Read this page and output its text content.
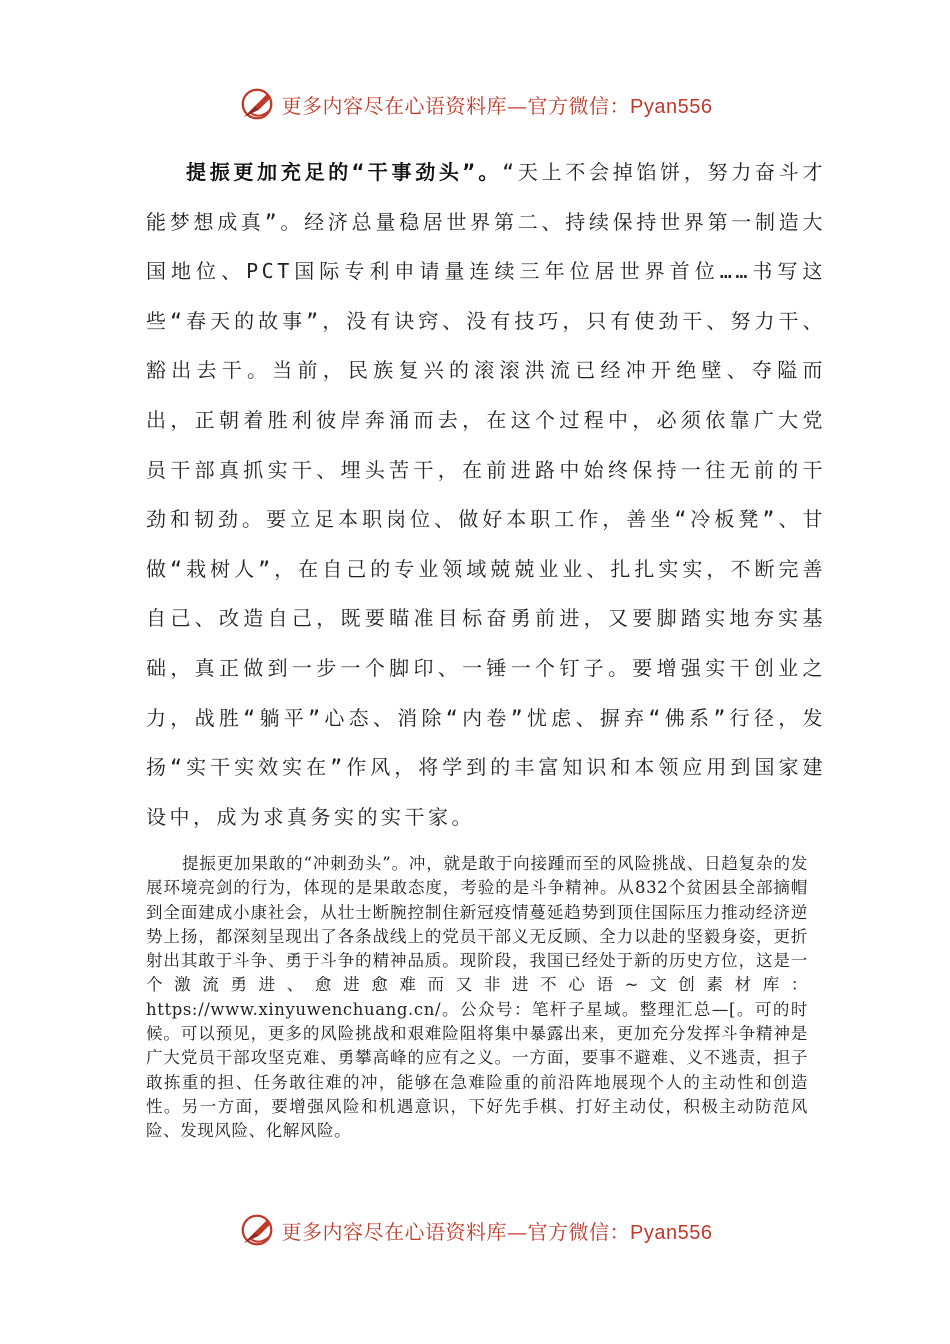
更多内容尽在心语资料库—官方微信：Pyan556

提振更加充足的“干事劲头”。“天上不会掉馅饼，努力奋斗才能梦想成真”。经济总量稳居世界第二、持续保持世界第一制造大国地位、PCT国际专利申请量连续三年位居世界首位……书写这些“春天的故事”，没有诀窍、没有技巧，只有使劲干、努力干、豁出去干。当前，民族复兴的滚滚洪流已经冲开绝壁、夺隘而出，正朝着胜利彼岸奔涌而去，在这个过程中，必须依靠广大党员干部真抓实干、埋头苦干，在前进路中始终保持一往无前的干劲和韧劲。要立足本职岗位、做好本职工作，善坐“冷板凳”、甘做“栽树人”，在自己的专业领域兢兢业业、扎扎实实，不断完善自己、改造自己，既要瞄准目标奋勇前进，又要脚踏实地夯实基础，真正做到一步一个脚印、一锤一个钉子。要增强实干创业之力，战胜“躺平”心态、消除“内卷”忧虑、摒弃“佛系”行径，发扬“实干实效实在”作风，将学到的丰富知识和本领应用到国家建设中，成为求真务实的实干家。

提振更加果敢的“冲刺劲头”。冲，就是敢于向接踵而至的风险挑战、日趋复杂的发展环境亮剑的行为，体现的是果敢态度，考验的是斗争精神。从832个贫困县全部摘帽到全面建成小康社会，从壮士断腕控制住新冠疫情蔓延趋势到顶住国际压力推动经济逆势上扬，都深刻呈现出了各条战线上的党员干部义无反顾、全力以赴的坚毅身姿，更折射出其敢于斗争、勇于斗争的精神品质。现阶段，我国已经处于新的历史方位，这是一个激流勇进、愈进愈难而又非进不心语~文创素材库：https://www.xinyuwenchuang.cn/。公众号：笔杆子星域。整理汇总—[。可的时候。可以预见，更多的风险挑战和艰难险阻将集中暴露出来，更加充分发挥斗争精神是广大党员干部攻坚克难、勇攀高峰的应有之义。一方面，要事不避难、义不逃责，担子敢拣重的担、任务敢往难的冲，能够在急难险重的前沿阵地展现个人的主动性和创造性。另一方面，要增强风险和机遇意识，下好先手棋、打好主动仗，积极主动防范风险、发现风险、化解风险。

更多内容尽在心语资料库—官方微信：Pyan556
